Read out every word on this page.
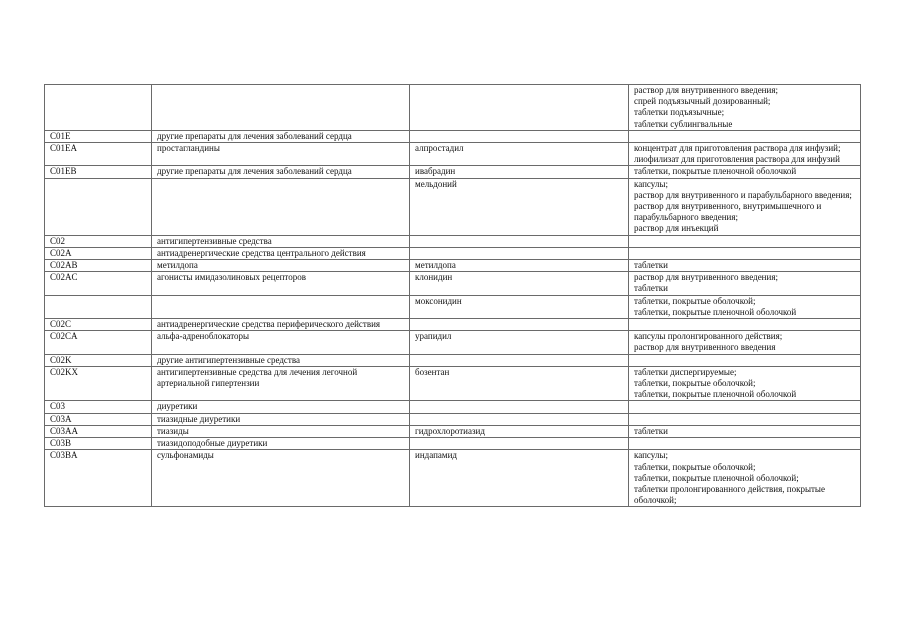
			раствор для внутривенного введения;
спрей подъязычный дозированный;
таблетки подъязычные;
таблетки сублингвальные

C01E	другие препараты для лечения заболеваний сердца		
C01EA	простагландины	алпростадил	концентрат для приготовления раствора для инфузий;
лиофилизат для приготовления раствора для инфузий

C01EB	другие препараты для лечения заболеваний сердца	ивабрадин	таблетки, покрытые пленочной оболочкой

		мельдоний	капсулы;
раствор для внутривенного и парабульбарного введения;
раствор для внутривенного, внутримышечного и парабульбарного введения;
раствор для инъекций

C02	антигипертензивные средства		
C02A	антиадренергические средства центрального действия		
C02AB	метилдопа	метилдопа	таблетки

C02AC	агонисты имидазолиновых рецепторов	клонидин	раствор для внутривенного введения;
таблетки

		моксонидин	таблетки, покрытые оболочкой;
таблетки, покрытые пленочной оболочкой

C02C	антиадренергические средства периферического действия		
C02CA	альфа-адреноблокаторы	урапидил	капсулы пролонгированного действия;
раствор для внутривенного введения

C02K	другие антигипертензивные средства		
C02KX	антигипертензивные средства для лечения легочной артериальной гипертензии	бозентан	таблетки диспергируемые;
таблетки, покрытые оболочкой;
таблетки, покрытые пленочной оболочкой

C03	диуретики		
C03A	тиазидные диуретики		
C03AA	тиазиды	гидрохлоротиазид	таблетки

C03B	тиазидоподобные диуретики		
C03BA	сульфонамиды	индапамид	капсулы;
таблетки, покрытые оболочкой;
таблетки, покрытые пленочной оболочкой;
таблетки пролонгированного действия, покрытые оболочкой;
